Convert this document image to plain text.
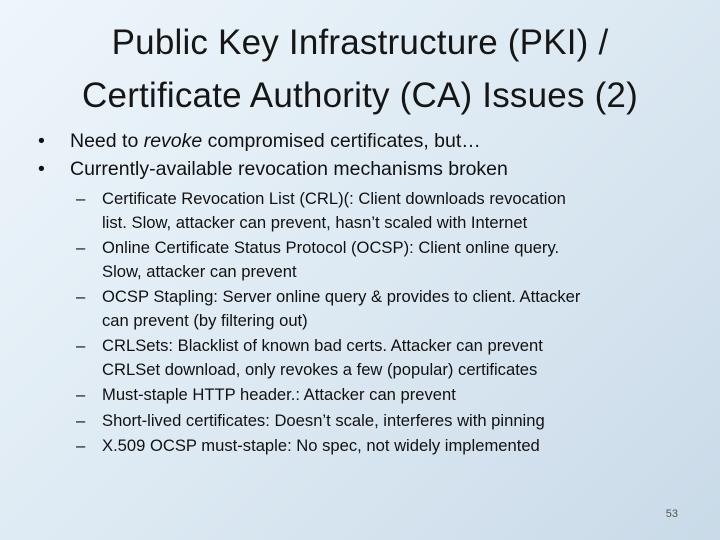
Public Key Infrastructure (PKI) /
Certificate Authority (CA) Issues (2)
• Need to revoke compromised certificates, but…
• Currently-available revocation mechanisms broken
– Certificate Revocation List (CRL)(: Client downloads revocation
list. Slow, attacker can prevent, hasn’t scaled with Internet
– Online Certificate Status Protocol (OCSP): Client online query.
Slow, attacker can prevent
– OCSP Stapling: Server online query & provides to client. Attacker
can prevent (by filtering out)
– CRLSets: Blacklist of known bad certs. Attacker can prevent
CRLSet download, only revokes a few (popular) certificates
– Must-staple HTTP header.: Attacker can prevent
– Short-lived certificates: Doesn’t scale, interferes with pinning
– X.509 OCSP must-staple: No spec, not widely implemented
53
